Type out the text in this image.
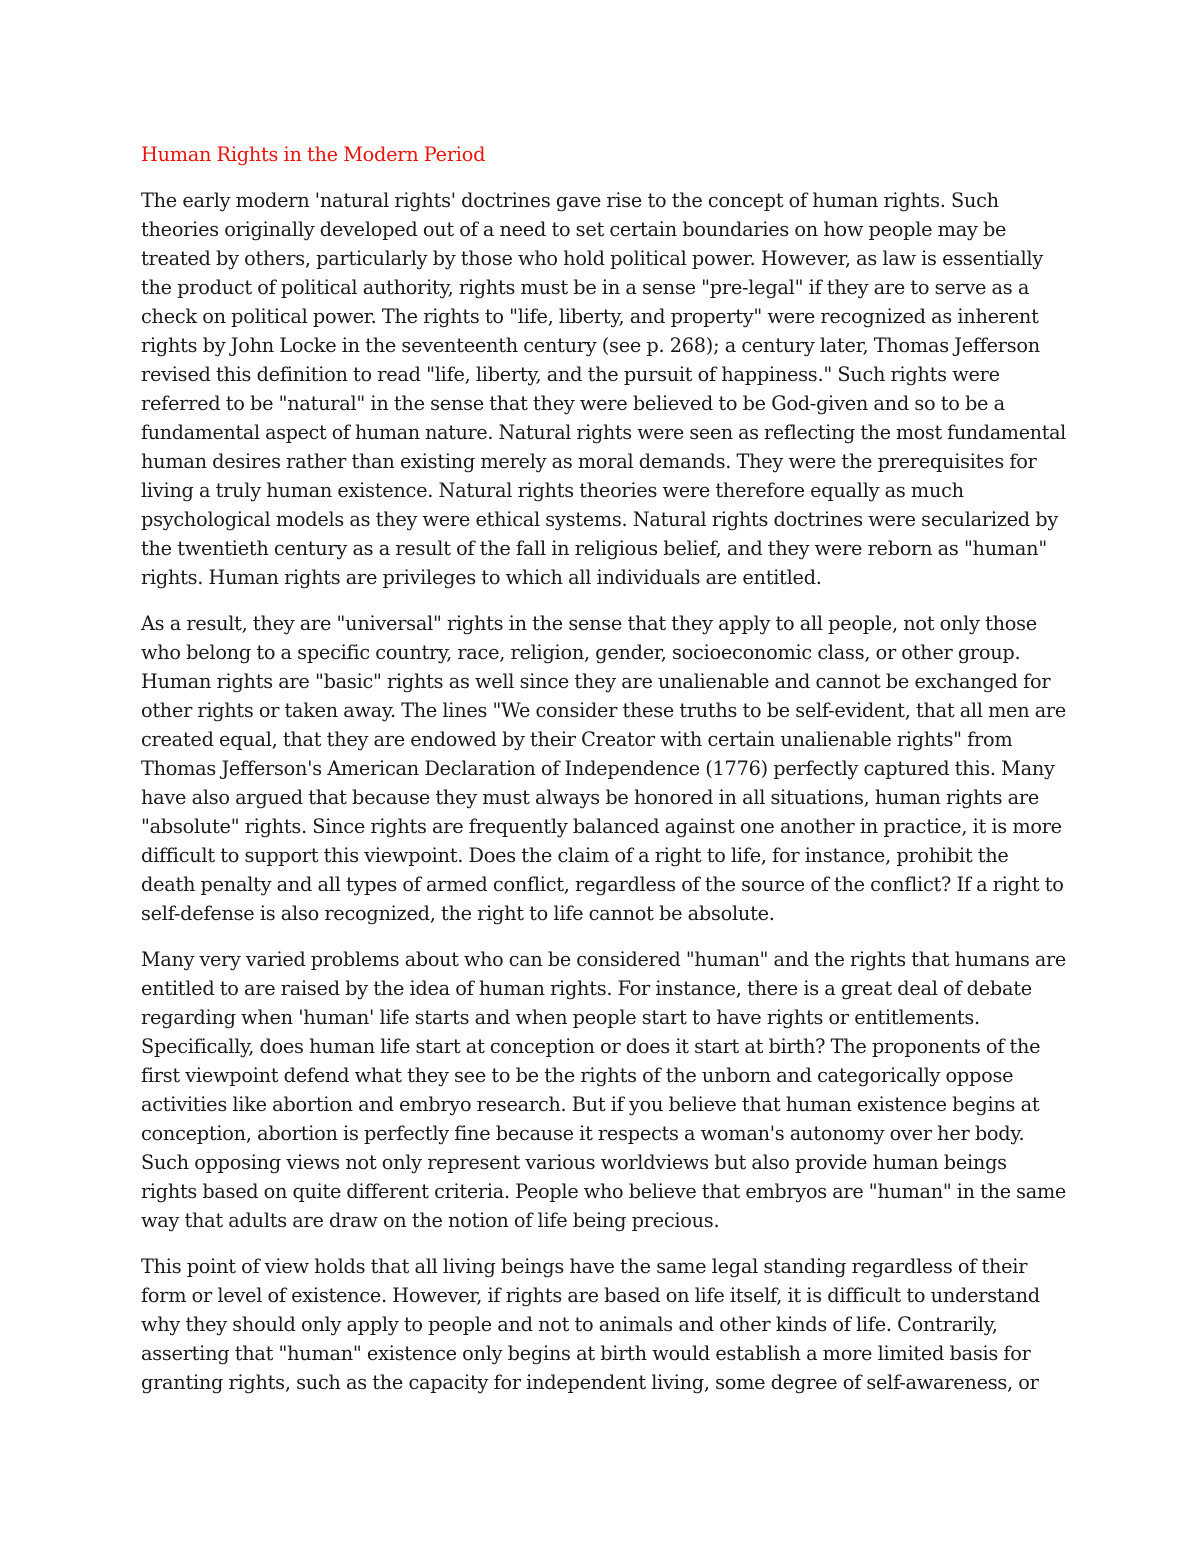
Human Rights in the Modern Period

The early modern 'natural rights' doctrines gave rise to the concept of human rights. Such
theories originally developed out of a need to set certain boundaries on how people may be
treated by others, particularly by those who hold political power. However, as law is essentially
the product of political authority, rights must be in a sense "pre-legal" if they are to serve as a
check on political power. The rights to "life, liberty, and property" were recognized as inherent
rights by John Locke in the seventeenth century (see p. 268); a century later, Thomas Jefferson
revised this definition to read "life, liberty, and the pursuit of happiness." Such rights were
referred to be "natural" in the sense that they were believed to be God-given and so to be a
fundamental aspect of human nature. Natural rights were seen as reflecting the most fundamental
human desires rather than existing merely as moral demands. They were the prerequisites for
living a truly human existence. Natural rights theories were therefore equally as much
psychological models as they were ethical systems. Natural rights doctrines were secularized by
the twentieth century as a result of the fall in religious belief, and they were reborn as "human"
rights. Human rights are privileges to which all individuals are entitled.

As a result, they are "universal" rights in the sense that they apply to all people, not only those
who belong to a specific country, race, religion, gender, socioeconomic class, or other group.
Human rights are "basic" rights as well since they are unalienable and cannot be exchanged for
other rights or taken away. The lines "We consider these truths to be self-evident, that all men are
created equal, that they are endowed by their Creator with certain unalienable rights" from
Thomas Jefferson's American Declaration of Independence (1776) perfectly captured this. Many
have also argued that because they must always be honored in all situations, human rights are
"absolute" rights. Since rights are frequently balanced against one another in practice, it is more
difficult to support this viewpoint. Does the claim of a right to life, for instance, prohibit the
death penalty and all types of armed conflict, regardless of the source of the conflict? If a right to
self-defense is also recognized, the right to life cannot be absolute.

Many very varied problems about who can be considered "human" and the rights that humans are
entitled to are raised by the idea of human rights. For instance, there is a great deal of debate
regarding when 'human' life starts and when people start to have rights or entitlements.
Specifically, does human life start at conception or does it start at birth? The proponents of the
first viewpoint defend what they see to be the rights of the unborn and categorically oppose
activities like abortion and embryo research. But if you believe that human existence begins at
conception, abortion is perfectly fine because it respects a woman's autonomy over her body.
Such opposing views not only represent various worldviews but also provide human beings
rights based on quite different criteria. People who believe that embryos are "human" in the same
way that adults are draw on the notion of life being precious.

This point of view holds that all living beings have the same legal standing regardless of their
form or level of existence. However, if rights are based on life itself, it is difficult to understand
why they should only apply to people and not to animals and other kinds of life. Contrarily,
asserting that "human" existence only begins at birth would establish a more limited basis for
granting rights, such as the capacity for independent living, some degree of self-awareness, or
